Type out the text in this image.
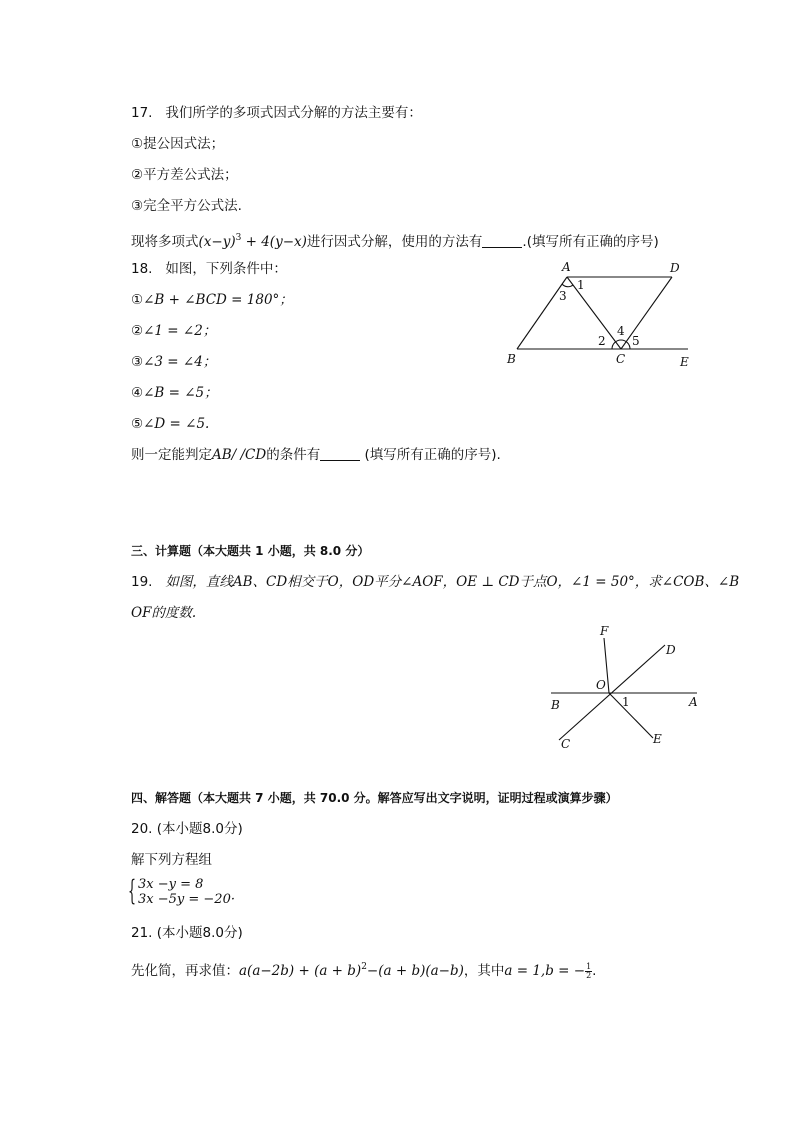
17. 我们所学的多项式因式分解的方法主要有：
①提公因式法；
②平方差公式法；
③完全平方公式法.
现将多项式$(x-y)^3 + 4(y-x)$进行因式分解，使用的方法有	.(填写所有正确的序号)
18. 如图，下列条件中：
①∠B + ∠BCD = 180°；
②∠1 = ∠2；
③∠3 = ∠4；
④∠B = ∠5；
⑤∠D = ∠5.
则一定能判定AB/ /CD的条件有	(填写所有正确的序号).
A	D
1
3
4
2 5
B	C	E
三、计算题（本大题共 1 小题，共 8.0 分）
19. 如图，直线AB、CD相交于O，OD平分∠AOF，OE ⊥ CD于点O，∠1 = 50°，求∠COB、∠B
OF的度数.
F
D
O
B	1	A
C	E
四、解答题（本大题共 7 小题，共 70.0 分。解答应写出文字说明，证明过程或演算步骤）
20. (本小题8.0分)
解下列方程组
{ 3x −y = 8
3x −5y = −20·
21. (本小题8.0分)
先化简，再求值：$a(a-2b) + (a + b)^2-(a + b)(a-b)$，其中a = 1,b = − $\frac{1}{2}$ .
